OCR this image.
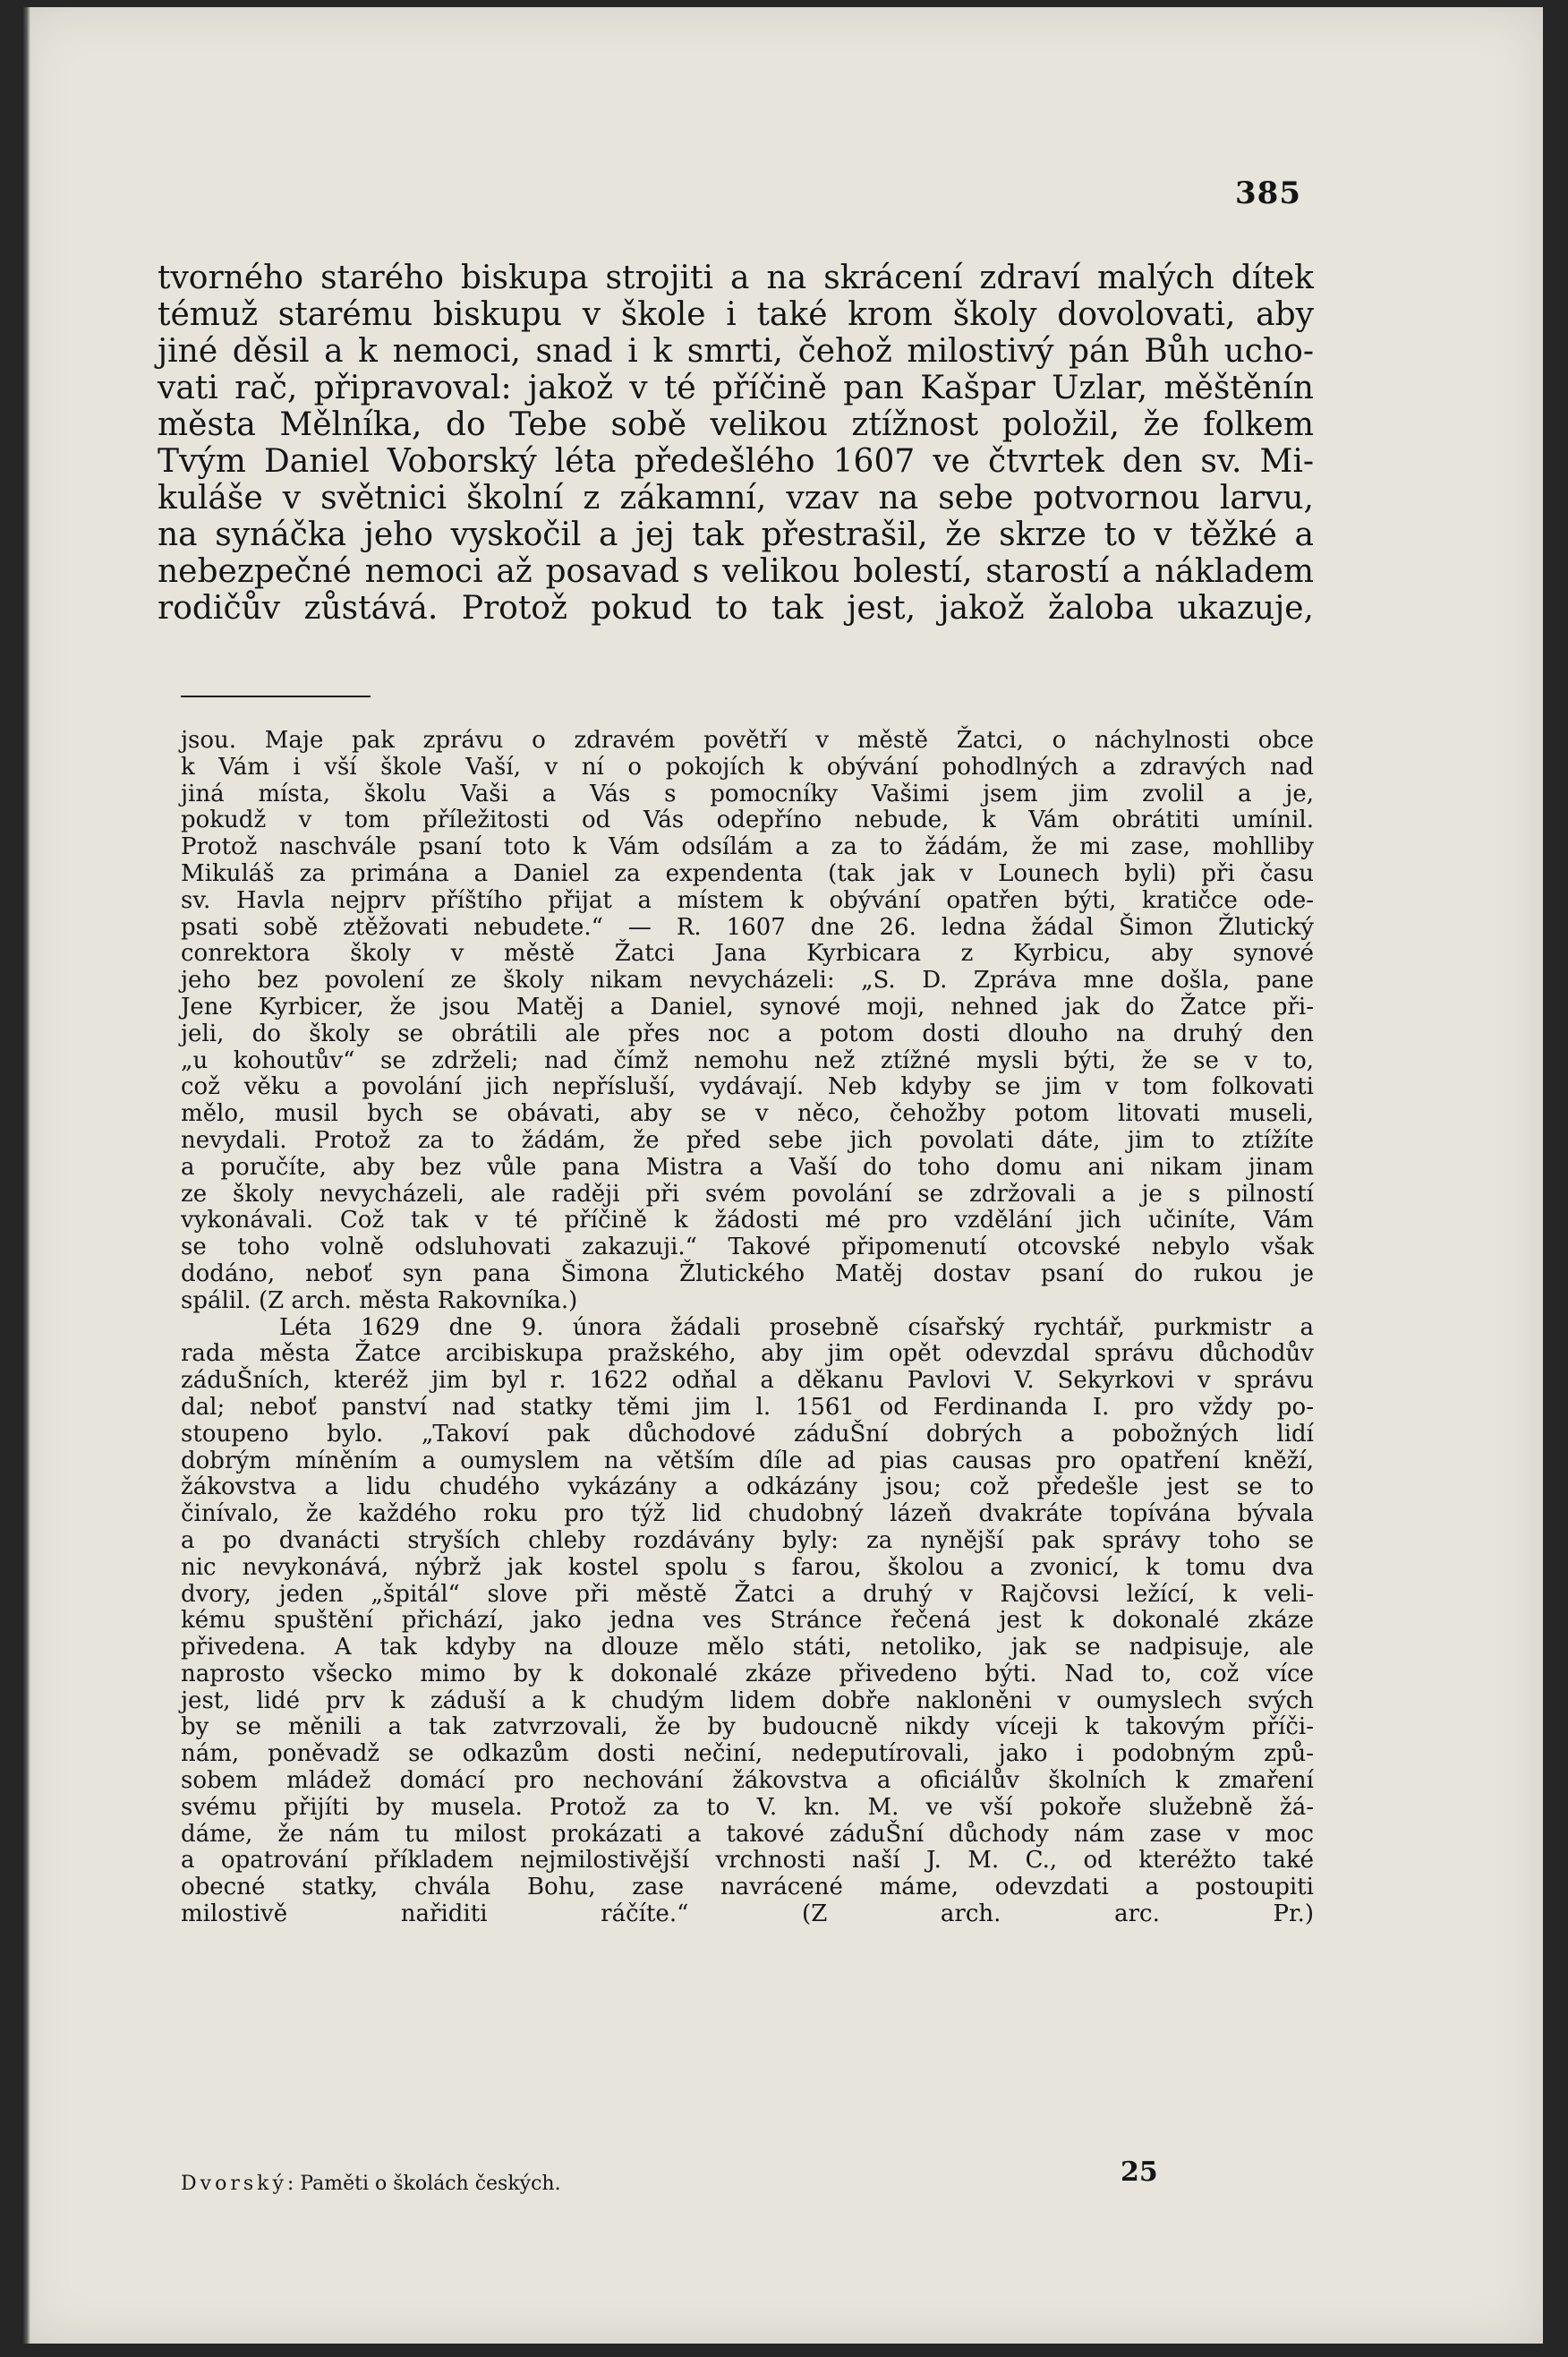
385
tvorného starého biskupa strojiti a na skrácení zdraví malých dítek
témuž starému biskupu v škole i také krom školy dovolovati, aby
jiné děsil a k nemoci, snad i k smrti, čehož milostivý pán Bůh ucho-
vati rač, připravoval: jakož v té příčině pan Kašpar Uzlar, měštěnín
města Mělníka, do Tebe sobě velikou ztížnost položil, že folkem
Tvým Daniel Voborský léta předešlého 1607 ve čtvrtek den sv. Mi-
kuláše v světnici školní z zákamní, vzav na sebe potvornou larvu,
na synáčka jeho vyskočil a jej tak přestrašil, že skrze to v těžké a
nebezpečné nemoci až posavad s velikou bolestí, starostí a nákladem
rodičův zůstává. Protož pokud to tak jest, jakož žaloba ukazuje,
jsou. Maje pak zprávu o zdravém povětří v městě Žatci, o náchylnosti obce
k Vám i vší škole Vaší, v ní o pokojích k obývání pohodlných a zdravých nad
jiná místa, školu Vaši a Vás s pomocníky Vašimi jsem jim zvolil a je,
pokudž v tom příležitosti od Vás odepříno nebude, k Vám obrátiti umínil.
Protož naschvále psaní toto k Vám odsílám a za to žádám, že mi zase, mohlliby
Mikuláš za primána a Daniel za expendenta (tak jak v Lounech byli) při času
sv. Havla nejprv příštího přijat a místem k obývání opatřen býti, kratičce ode-
psati sobě ztěžovati nebudete.“ — R. 1607 dne 26. ledna žádal Šimon Žlutický
conrektora školy v městě Žatci Jana Kyrbicara z Kyrbicu, aby synové
jeho bez povolení ze školy nikam nevycházeli: „S. D. Zpráva mne došla, pane
Jene Kyrbicer, že jsou Matěj a Daniel, synové moji, nehned jak do Žatce při-
jeli, do školy se obrátili ale přes noc a potom dosti dlouho na druhý den
„u kohoutův“ se zdrželi; nad čímž nemohu než ztížné mysli býti, že se v to,
což věku a povolání jich nepřísluší, vydávají. Neb kdyby se jim v tom folkovati
mělo, musil bych se obávati, aby se v něco, čehožby potom litovati museli,
nevydali. Protož za to žádám, že před sebe jich povolati dáte, jim to ztížíte
a poručíte, aby bez vůle pana Mistra a Vaší do toho domu ani nikam jinam
ze školy nevycházeli, ale raději při svém povolání se zdržovali a je s pilností
vykonávali. Což tak v té příčině k žádosti mé pro vzdělání jich učiníte, Vám
se toho volně odsluhovati zakazuji.“ Takové připomenutí otcovské nebylo však
dodáno, neboť syn pana Šimona Žlutického Matěj dostav psaní do rukou je
spálil. (Z arch. města Rakovníka.)
Léta 1629 dne 9. února žádali prosebně císařský rychtář, purkmistr a
rada města Žatce arcibiskupa pražského, aby jim opět odevzdal správu důchodův
záduŠních, kteréž jim byl r. 1622 odňal a děkanu Pavlovi V. Sekyrkovi v správu
dal; neboť panství nad statky těmi jim l. 1561 od Ferdinanda I. pro vždy po-
stoupeno bylo. „Takoví pak důchodové záduŠní dobrých a pobožných lidí
dobrým míněním a oumyslem na větším díle ad pias causas pro opatření kněží,
žákovstva a lidu chudého vykázány a odkázány jsou; což předešle jest se to
činívalo, že každého roku pro týž lid chudobný lázeň dvakráte topívána bývala
a po dvanácti stryších chleby rozdávány byly: za nynější pak správy toho se
nic nevykonává, nýbrž jak kostel spolu s farou, školou a zvonicí, k tomu dva
dvory, jeden „špitál“ slove při městě Žatci a druhý v Rajčovsi ležící, k veli-
kému spuštění přichází, jako jedna ves Stránce řečená jest k dokonalé zkáze
přivedena. A tak kdyby na dlouze mělo státi, netoliko, jak se nadpisuje, ale
naprosto všecko mimo by k dokonalé zkáze přivedeno býti. Nad to, což více
jest, lidé prv k záduší a k chudým lidem dobře nakloněni v oumyslech svých
by se měnili a tak zatvrzovali, že by budoucně nikdy víceji k takovým příči-
nám, poněvadž se odkazům dosti nečiní, nedeputírovali, jako i podobným způ-
sobem mládež domácí pro nechování žákovstva a oficiálův školních k zmaření
svému přijíti by musela. Protož za to V. kn. M. ve vší pokoře služebně žá-
dáme, že nám tu milost prokázati a takové záduŠní důchody nám zase v moc
a opatrování příkladem nejmilostivější vrchnosti naší J. M. C., od kteréžto také
obecné statky, chvála Bohu, zase navrácené máme, odevzdati a postoupiti
milostivě nařiditi ráčíte.“ (Z arch. arc. Pr.)
Dvorský: Paměti o školách českých.	25
